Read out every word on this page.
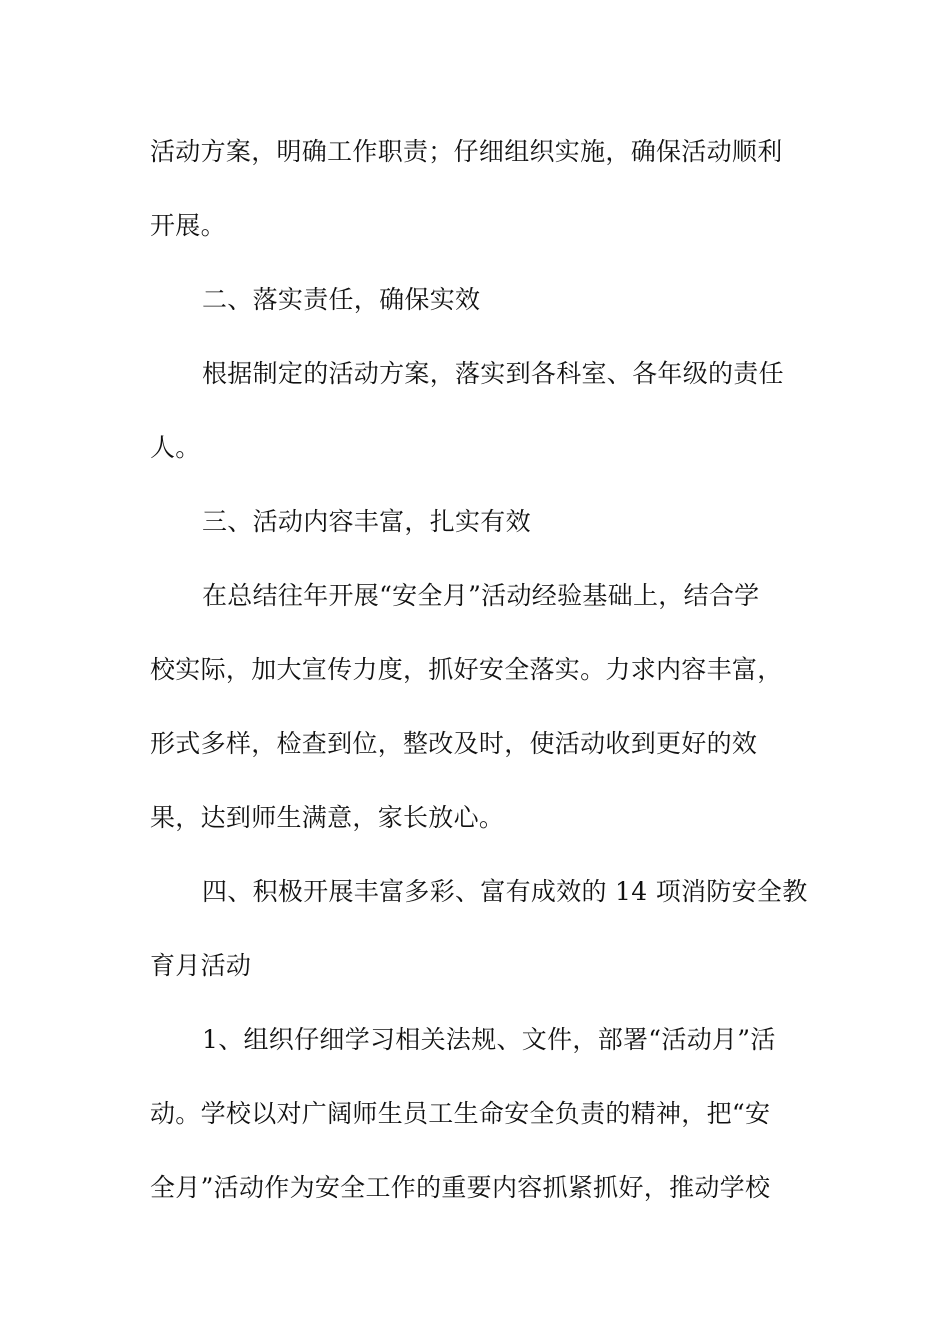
活动方案，明确工作职责；仔细组织实施，确保活动顺利
开展。
二、落实责任，确保实效
根据制定的活动方案，落实到各科室、各年级的责任
人。
三、活动内容丰富，扎实有效
在总结往年开展“安全月”活动经验基础上，结合学
校实际，加大宣传力度，抓好安全落实。力求内容丰富，
形式多样，检查到位，整改及时，使活动收到更好的效
果，达到师生满意，家长放心。
四、积极开展丰富多彩、富有成效的 14 项消防安全教
育月活动
1、组织仔细学习相关法规、文件，部署“活动月”活
动。学校以对广阔师生员工生命安全负责的精神，把“安
全月”活动作为安全工作的重要内容抓紧抓好，推动学校
